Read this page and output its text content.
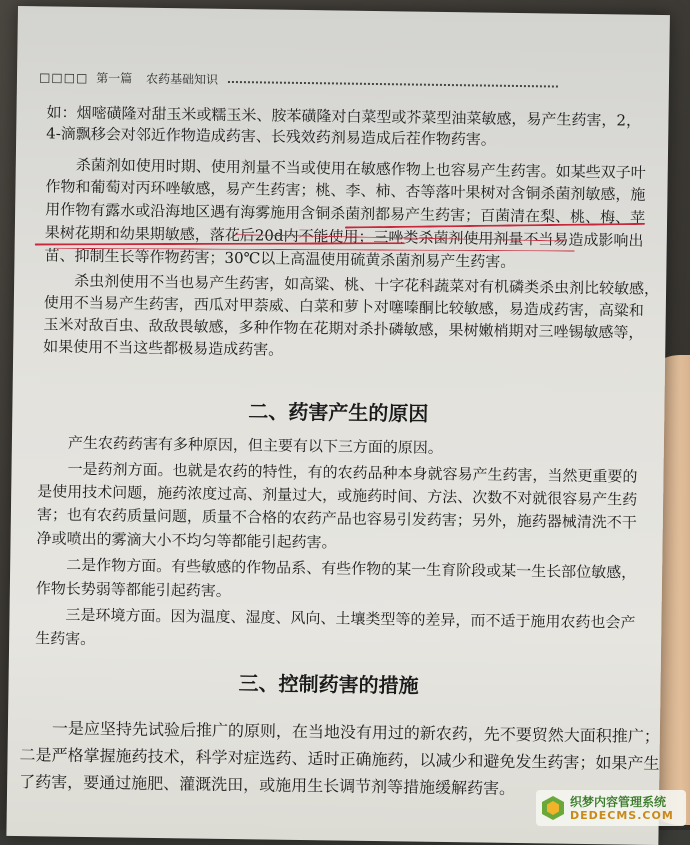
□□□□ 第一篇 农药基础知识
如：烟嘧磺隆对甜玉米或糯玉米、胺苯磺隆对白菜型或芥菜型油菜敏感，易产生药害，2，
4-滴飘移会对邻近作物造成药害、长残效药剂易造成后茬作物药害。
　　杀菌剂如使用时期、使用剂量不当或使用在敏感作物上也容易产生药害。如某些双子叶
作物和葡萄对丙环唑敏感，易产生药害；桃、李、柿、杏等落叶果树对含铜杀菌剂敏感，施
用作物有露水或沿海地区遇有海雾施用含铜杀菌剂都易产生药害；百菌清在梨、桃、梅、苹
果树花期和幼果期敏感，落花后20d内不能使用；三唑类杀菌剂使用剂量不当易造成影响出
苗、抑制生长等作物药害；30℃以上高温使用硫黄杀菌剂易产生药害。
　　杀虫剂使用不当也易产生药害，如高粱、桃、十字花科蔬菜对有机磷类杀虫剂比较敏感，
使用不当易产生药害，西瓜对甲萘威、白菜和萝卜对噻嗪酮比较敏感，易造成药害，高粱和
玉米对敌百虫、敌敌畏敏感，多种作物在花期对杀扑磷敏感，果树嫩梢期对三唑锡敏感等，
如果使用不当这些都极易造成药害。
二、药害产生的原因
　　产生农药药害有多种原因，但主要有以下三方面的原因。
　　一是药剂方面。也就是农药的特性，有的农药品种本身就容易产生药害，当然更重要的
是使用技术问题，施药浓度过高、剂量过大，或施药时间、方法、次数不对就很容易产生药
害；也有农药质量问题，质量不合格的农药产品也容易引发药害；另外，施药器械清洗不干
净或喷出的雾滴大小不均匀等都能引起药害。
　　二是作物方面。有些敏感的作物品系、有些作物的某一生育阶段或某一生长部位敏感，
作物长势弱等都能引起药害。
　　三是环境方面。因为温度、湿度、风向、土壤类型等的差异，而不适于施用农药也会产
生药害。
三、控制药害的措施
　　一是应坚持先试验后推广的原则，在当地没有用过的新农药，先不要贸然大面积推广；
二是严格掌握施药技术，科学对症选药、适时正确施药，以减少和避免发生药害；如果产生
了药害，要通过施肥、灌溉洗田，或施用生长调节剂等措施缓解药害。
织梦内容管理系统
DEDECMS.COM
